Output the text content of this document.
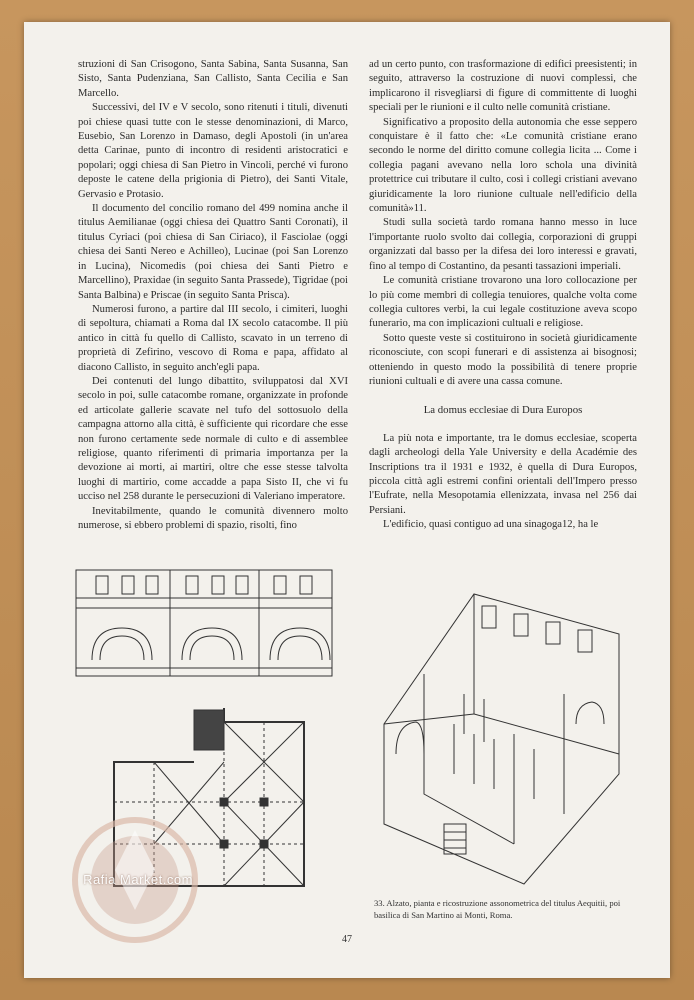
struzioni di San Crisogono, Santa Sabina, Santa Susanna, San Sisto, Santa Pudenziana, San Callisto, Santa Cecilia e San Marcello.

Successivi, del IV e V secolo, sono ritenuti i tituli, divenuti poi chiese quasi tutte con le stesse denominazioni, di Marco, Eusebio, San Lorenzo in Damaso, degli Apostoli (in un'area detta Carinae, punto di incontro di residenti aristocratici e popolari; oggi chiesa di San Pietro in Vincoli, perché vi furono deposte le catene della prigionia di Pietro), dei Santi Vitale, Gervasio e Protasio.

Il documento del concilio romano del 499 nomina anche il titulus Aemilianae (oggi chiesa dei Quattro Santi Coronati), il titulus Cyriaci (poi chiesa di San Ciriaco), il Fasciolae (oggi chiesa dei Santi Nereo e Achilleo), Lucinae (poi San Lorenzo in Lucina), Nicomedis (poi chiesa dei Santi Pietro e Marcellino), Praxidae (in seguito Santa Prassede), Tigridae (poi Santa Balbina) e Priscae (in seguito Santa Prisca).

Numerosi furono, a partire dal III secolo, i cimiteri, luoghi di sepoltura, chiamati a Roma dal IX secolo catacombe. Il più antico in città fu quello di Callisto, scavato in un terreno di proprietà di Zefirino, vescovo di Roma e papa, affidato al diacono Callisto, in seguito anch'egli papa.

Dei contenuti del lungo dibattito, sviluppatosi dal XVI secolo in poi, sulle catacombe romane, organizzate in profonde ed articolate gallerie scavate nel tufo del sottosuolo della campagna attorno alla città, è sufficiente qui ricordare che esse non furono certamente sede normale di culto e di assemblee religiose, quanto riferimenti di primaria importanza per la devozione ai morti, ai martiri, oltre che esse stesse talvolta luoghi di martirio, come accadde a papa Sisto II, che vi fu ucciso nel 258 durante le persecuzioni di Valeriano imperatore.

Inevitabilmente, quando le comunità divennero molto numerose, si ebbero problemi di spazio, risolti, fino

ad un certo punto, con trasformazione di edifici preesistenti; in seguito, attraverso la costruzione di nuovi complessi, che implicarono il risvegliarsi di figure di committente di luoghi speciali per le riunioni e il culto nelle comunità cristiane.

Significativo a proposito della autonomia che esse seppero conquistare è il fatto che: «Le comunità cristiane erano secondo le norme del diritto comune collegia licita ... Come i collegia pagani avevano nella loro schola una divinità protettrice cui tributare il culto, così i collegi cristiani avevano giuridicamente la loro riunione cultuale nell'edificio della comunità»11.

Studi sulla società tardo romana hanno messo in luce l'importante ruolo svolto dai collegia, corporazioni di gruppi organizzati dal basso per la difesa dei loro interessi e gravati, fino al tempo di Costantino, da pesanti tassazioni imperiali.

Le comunità cristiane trovarono una loro collocazione per lo più come membri di collegia tenuiores, qualche volta come collegia cultores verbi, la cui legale costituzione aveva scopo funerario, ma con implicazioni cultuali e religiose.

Sotto queste veste si costituirono in società giuridicamente riconosciute, con scopi funerari e di assistenza ai bisognosi; otteniendo in questo modo la possibilità di tenere proprie riunioni cultuali e di avere una cassa comune.

La domus ecclesiae di Dura Europos

La più nota e importante, tra le domus ecclesiae, scoperta dagli archeologi della Yale University e della Académie des Inscriptions tra il 1931 e 1932, è quella di Dura Europos, piccola città agli estremi confini orientali dell'Impero presso l'Eufrate, nella Mesopotamia ellenizzata, invasa nel 256 dai Persiani.

L'edificio, quasi contiguo ad una sinagoga12, ha le

33. Alzato, pianta e ricostruzione assonometrica del titulus Aequitii, poi basilica di San Martino ai Monti, Roma.
47
Rafia Market.com
